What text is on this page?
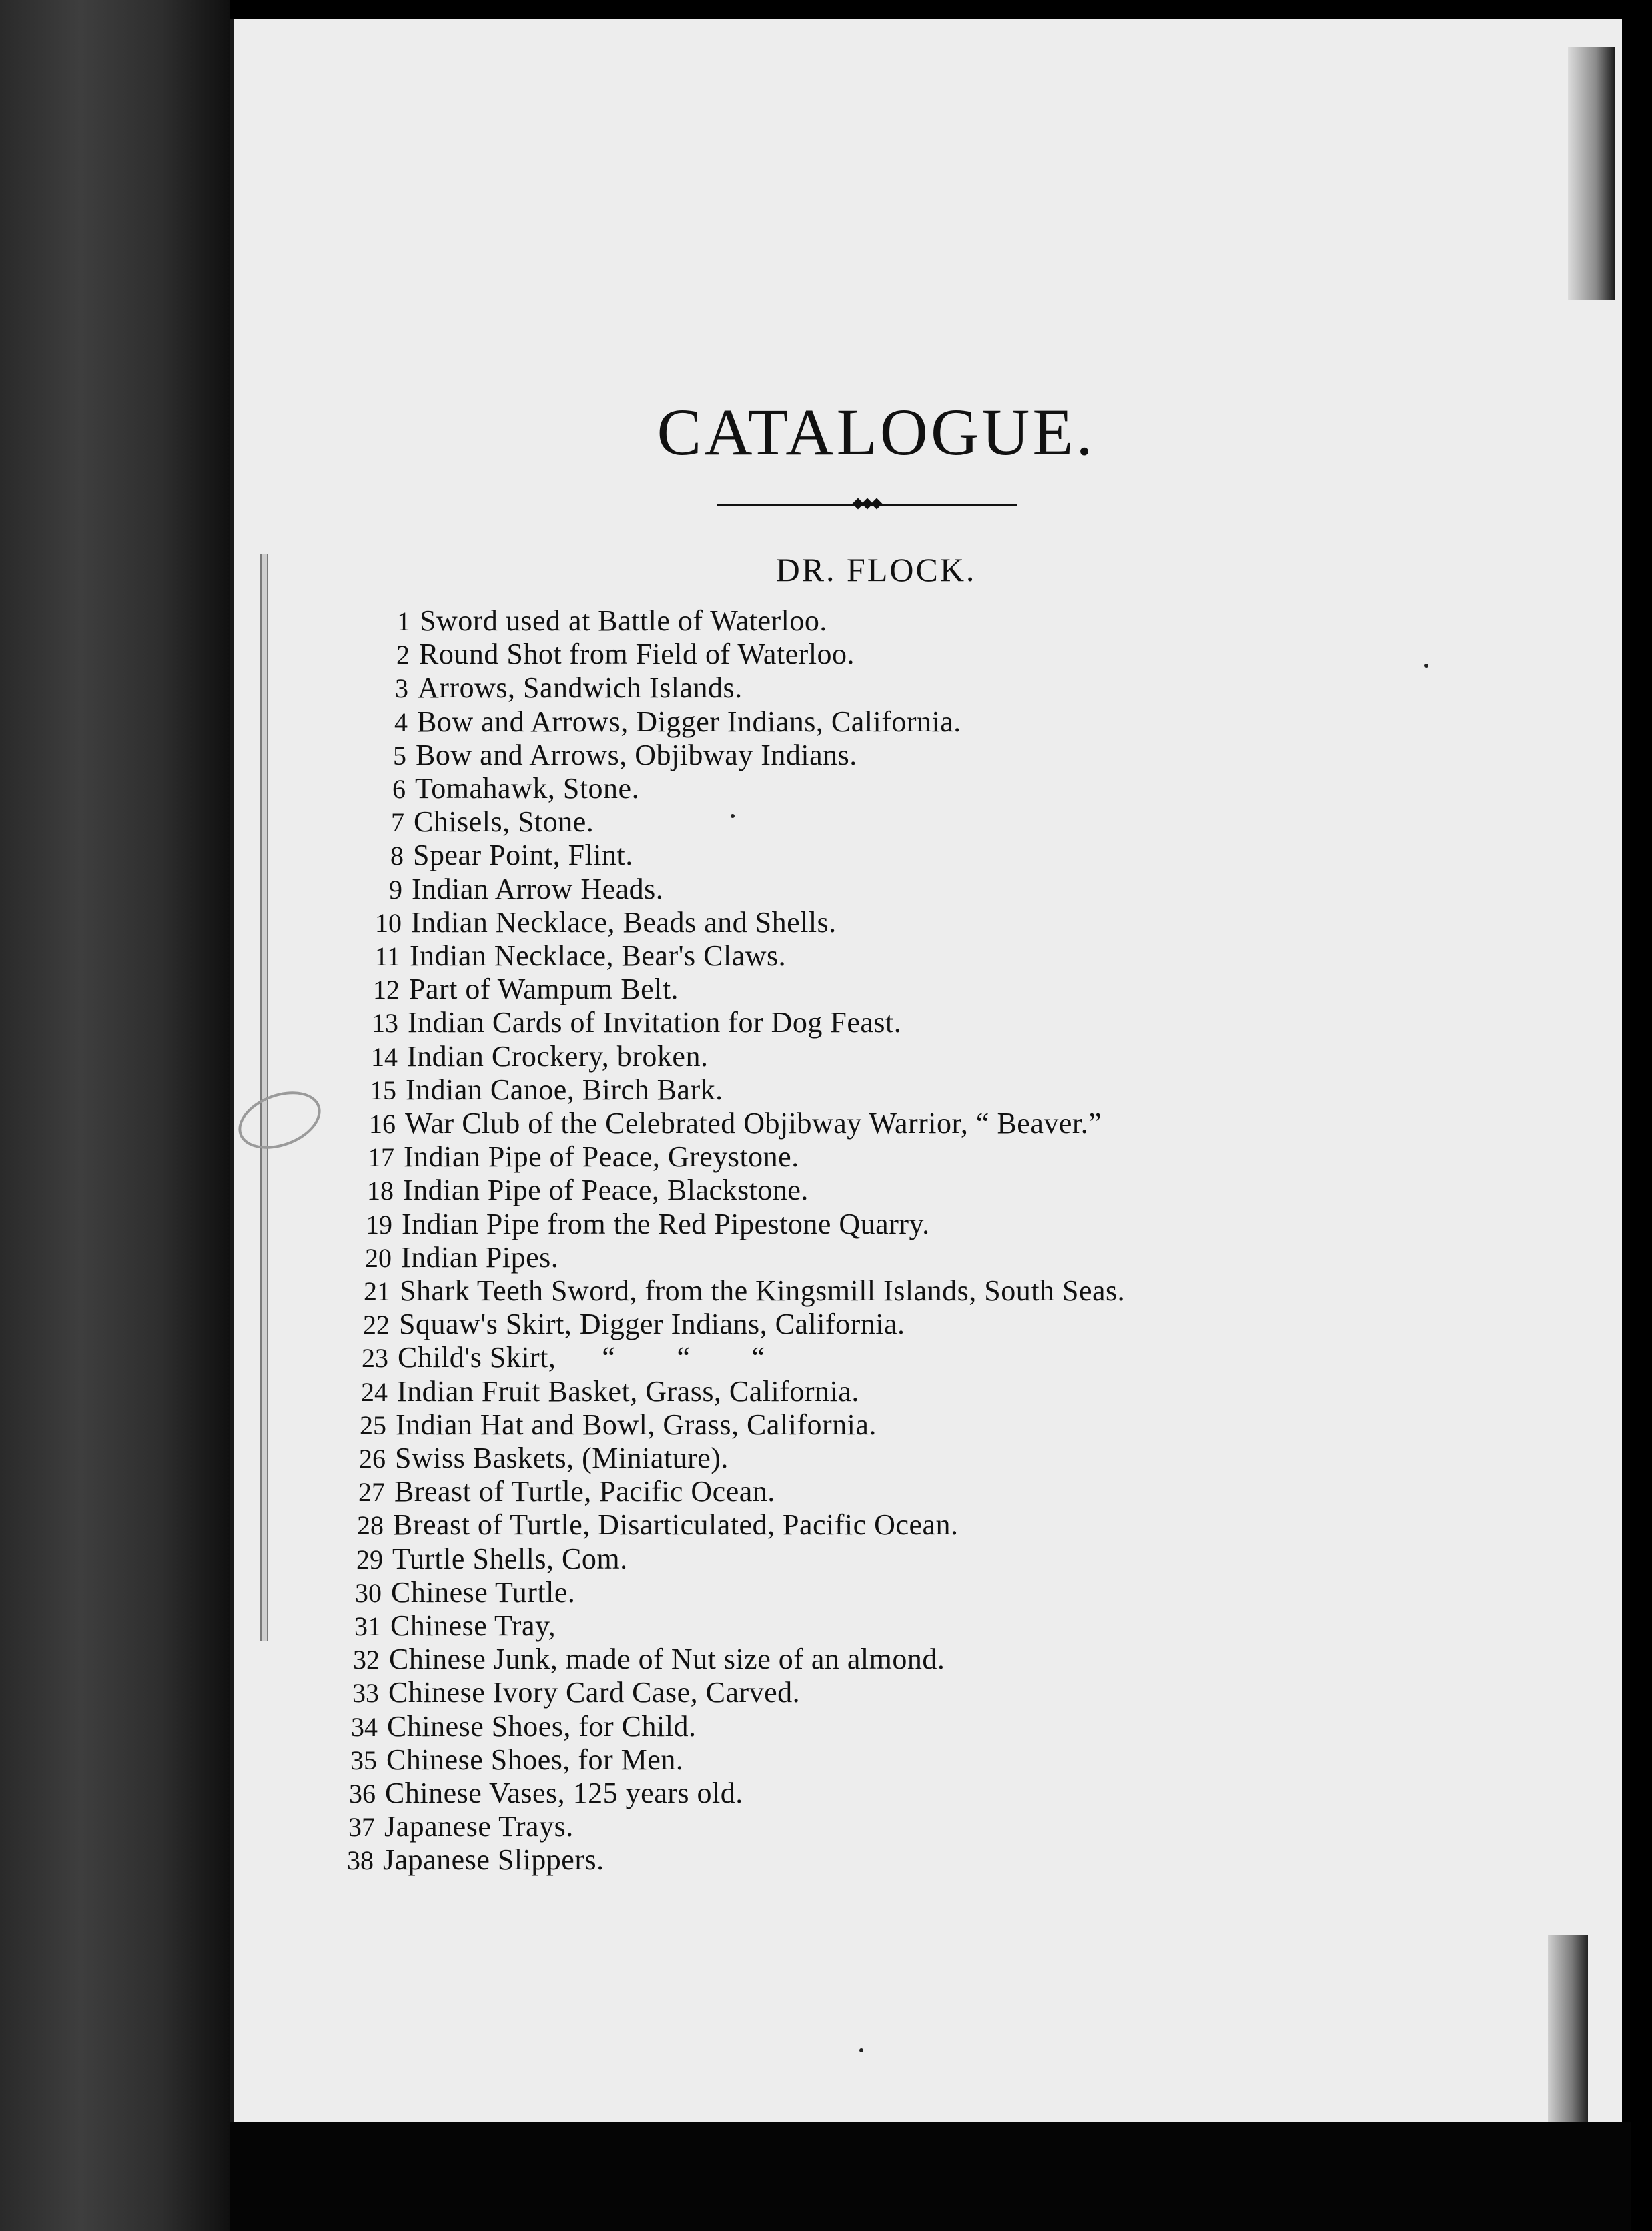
CATALOGUE.
DR. FLOCK.
1 Sword used at Battle of Waterloo.
2 Round Shot from Field of Waterloo.
3 Arrows, Sandwich Islands.
4 Bow and Arrows, Digger Indians, California.
5 Bow and Arrows, Objibway Indians.
6 Tomahawk, Stone.
7 Chisels, Stone.
8 Spear Point, Flint.
9 Indian Arrow Heads.
10 Indian Necklace, Beads and Shells.
11 Indian Necklace, Bear's Claws.
12 Part of Wampum Belt.
13 Indian Cards of Invitation for Dog Feast.
14 Indian Crockery, broken.
15 Indian Canoe, Birch Bark.
16 War Club of the Celebrated Objibway Warrior, “ Beaver.”
17 Indian Pipe of Peace, Greystone.
18 Indian Pipe of Peace, Blackstone.
19 Indian Pipe from the Red Pipestone Quarry.
20 Indian Pipes.
21 Shark Teeth Sword, from the Kingsmill Islands, South Seas.
22 Squaw's Skirt, Digger Indians, California.
23 Child's Skirt,      “        “        “
24 Indian Fruit Basket, Grass, California.
25 Indian Hat and Bowl, Grass, California.
26 Swiss Baskets, (Miniature).
27 Breast of Turtle, Pacific Ocean.
28 Breast of Turtle, Disarticulated, Pacific Ocean.
29 Turtle Shells, Com.
30 Chinese Turtle.
31 Chinese Tray,
32 Chinese Junk, made of Nut size of an almond.
33 Chinese Ivory Card Case, Carved.
34 Chinese Shoes, for Child.
35 Chinese Shoes, for Men.
36 Chinese Vases, 125 years old.
37 Japanese Trays.
38 Japanese Slippers.
